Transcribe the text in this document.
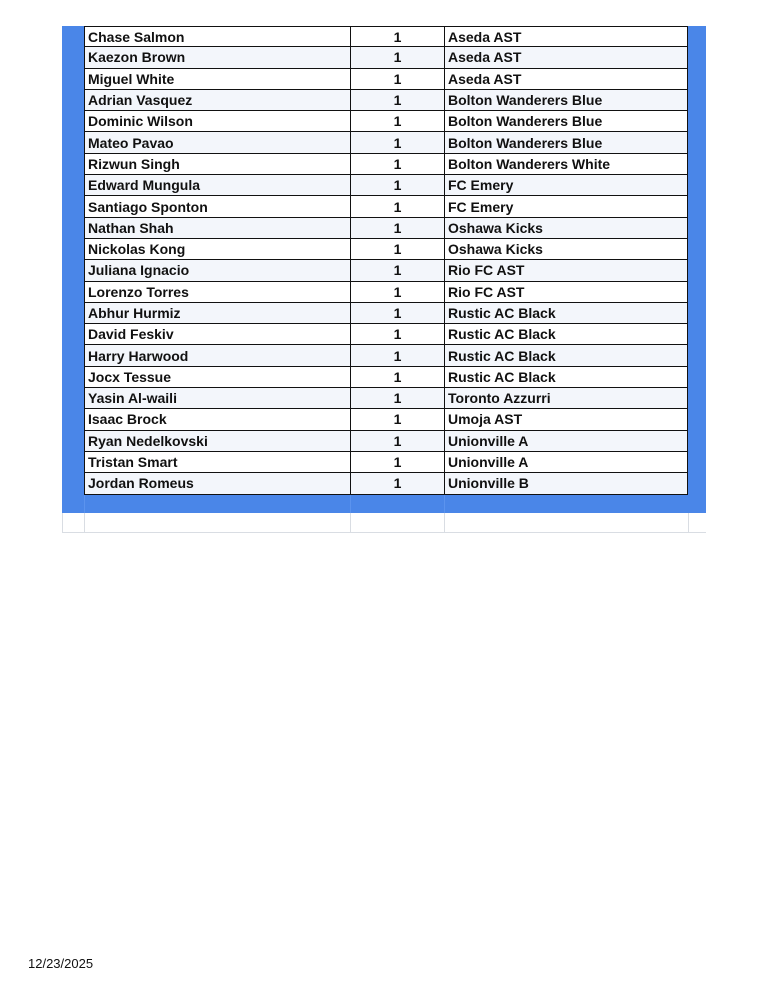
Chase Salmon	1	Aseda AST
Kaezon Brown	1	Aseda AST
Miguel White	1	Aseda AST
Adrian Vasquez	1	Bolton Wanderers Blue
Dominic Wilson	1	Bolton Wanderers Blue
Mateo Pavao	1	Bolton Wanderers Blue
Rizwun Singh	1	Bolton Wanderers White
Edward Mungula	1	FC Emery
Santiago Sponton	1	FC Emery
Nathan Shah	1	Oshawa Kicks
Nickolas Kong	1	Oshawa Kicks
Juliana Ignacio	1	Rio FC AST
Lorenzo Torres	1	Rio FC AST
Abhur Hurmiz	1	Rustic AC Black
David Feskiv	1	Rustic AC Black
Harry Harwood	1	Rustic AC Black
Jocx Tessue	1	Rustic AC Black
Yasin Al-waili	1	Toronto Azzurri
Isaac Brock	1	Umoja AST
Ryan Nedelkovski	1	Unionville A
Tristan Smart	1	Unionville A
Jordan Romeus	1	Unionville B
12/23/2025
